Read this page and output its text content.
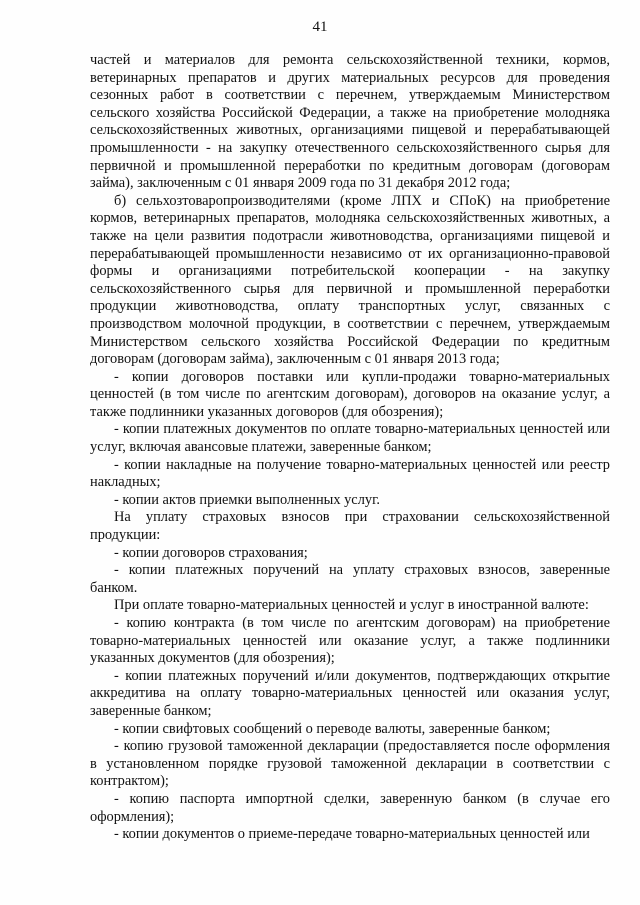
41

частей и материалов для ремонта сельскохозяйственной техники, кормов, ветеринарных препаратов и других материальных ресурсов для проведения сезонных работ в соответствии с перечнем, утверждаемым Министерством сельского хозяйства Российской Федерации, а также на приобретение молодняка сельскохозяйственных животных, организациями пищевой и перерабатывающей промышленности - на закупку отечественного сельскохозяйственного сырья для первичной и промышленной переработки по кредитным договорам (договорам займа), заключенным с 01 января 2009 года по 31 декабря 2012 года;

б) сельхозтоваропроизводителями (кроме ЛПХ и СПоК) на приобретение кормов, ветеринарных препаратов, молодняка сельскохозяйственных животных, а также на цели развития подотрасли животноводства, организациями пищевой и перерабатывающей промышленности независимо от их организационно-правовой формы и организациями потребительской кооперации - на закупку сельскохозяйственного сырья для первичной и промышленной переработки продукции животноводства, оплату транспортных услуг, связанных с производством молочной продукции, в соответствии с перечнем, утверждаемым Министерством сельского хозяйства Российской Федерации по кредитным договорам (договорам займа), заключенным с 01 января 2013 года;

- копии договоров поставки или купли-продажи товарно-материальных ценностей (в том числе по агентским договорам), договоров на оказание услуг, а также подлинники указанных договоров (для обозрения);

- копии платежных документов по оплате товарно-материальных ценностей или услуг, включая авансовые платежи, заверенные банком;

- копии накладные на получение товарно-материальных ценностей или реестр накладных;

- копии актов приемки выполненных услуг.

На уплату страховых взносов при страховании сельскохозяйственной продукции:

- копии договоров страхования;

- копии платежных поручений на уплату страховых взносов, заверенные банком.

При оплате товарно-материальных ценностей и услуг в иностранной валюте:

- копию контракта (в том числе по агентским договорам) на приобретение товарно-материальных ценностей или оказание услуг, а также подлинники указанных документов (для обозрения);

- копии платежных поручений и/или документов, подтверждающих открытие аккредитива на оплату товарно-материальных ценностей или оказания услуг, заверенные банком;

- копии свифтовых сообщений о переводе валюты, заверенные банком;

- копию грузовой таможенной декларации (предоставляется после оформления в установленном порядке грузовой таможенной декларации в соответствии с контрактом);

- копию паспорта импортной сделки, заверенную банком (в случае его оформления);

- копии документов о приеме-передаче товарно-материальных ценностей или
